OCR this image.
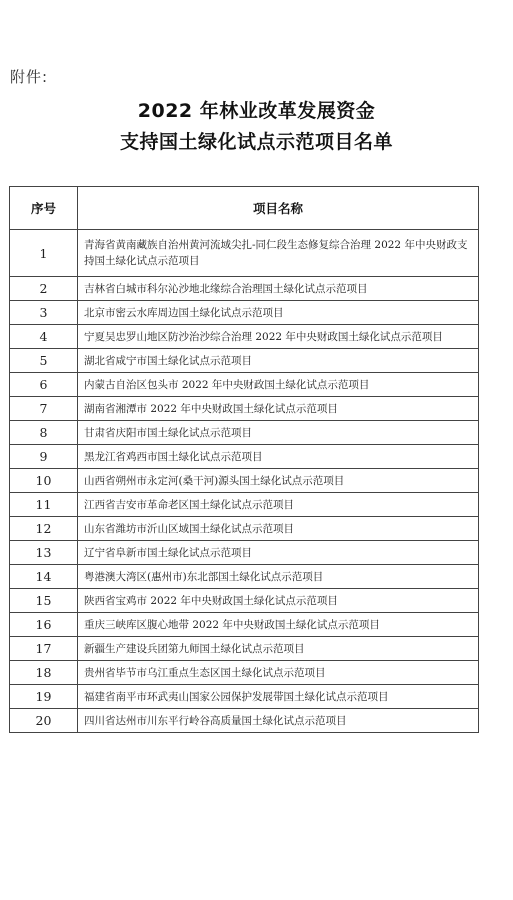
附件:
2022 年林业改革发展资金
支持国土绿化试点示范项目名单
序号	项目名称
1	青海省黄南藏族自治州黄河流域尖扎-同仁段生态修复综合治理 2022 年中央财政支持国土绿化试点示范项目
2	吉林省白城市科尔沁沙地北缘综合治理国土绿化试点示范项目
3	北京市密云水库周边国土绿化试点示范项目
4	宁夏吴忠罗山地区防沙治沙综合治理 2022 年中央财政国土绿化试点示范项目
5	湖北省咸宁市国土绿化试点示范项目
6	内蒙古自治区包头市 2022 年中央财政国土绿化试点示范项目
7	湖南省湘潭市 2022 年中央财政国土绿化试点示范项目
8	甘肃省庆阳市国土绿化试点示范项目
9	黑龙江省鸡西市国土绿化试点示范项目
10	山西省朔州市永定河(桑干河)源头国土绿化试点示范项目
11	江西省吉安市革命老区国土绿化试点示范项目
12	山东省潍坊市沂山区域国土绿化试点示范项目
13	辽宁省阜新市国土绿化试点示范项目
14	粤港澳大湾区(惠州市)东北部国土绿化试点示范项目
15	陕西省宝鸡市 2022 年中央财政国土绿化试点示范项目
16	重庆三峡库区腹心地带 2022 年中央财政国土绿化试点示范项目
17	新疆生产建设兵团第九师国土绿化试点示范项目
18	贵州省毕节市乌江重点生态区国土绿化试点示范项目
19	福建省南平市环武夷山国家公园保护发展带国土绿化试点示范项目
20	四川省达州市川东平行岭谷高质量国土绿化试点示范项目
